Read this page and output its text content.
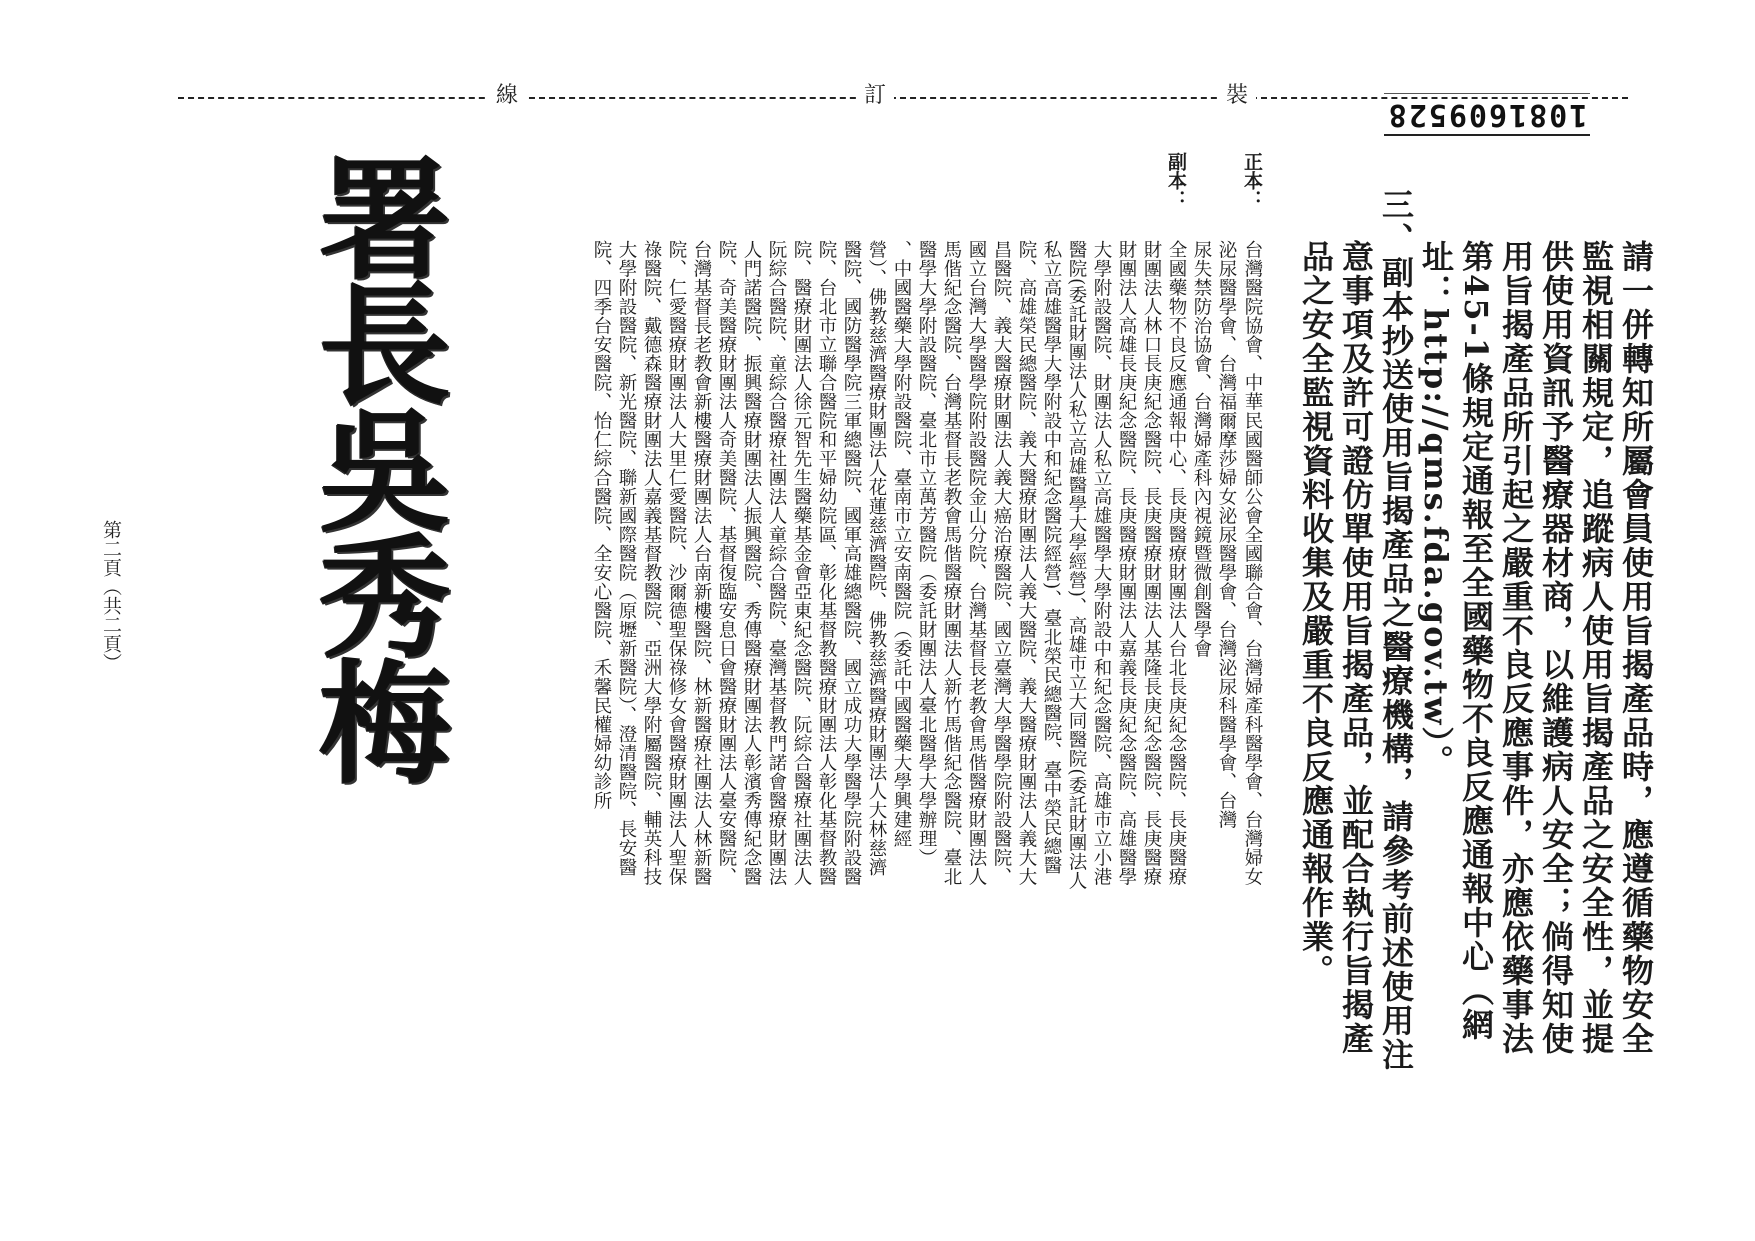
裝
訂
線
1081609528
請一併轉知所屬會員使用旨揭產品時，應遵循藥物安全
監視相關規定，追蹤病人使用旨揭產品之安全性，並提
供使用資訊予醫療器材商，以維護病人安全；倘得知使
用旨揭產品所引起之嚴重不良反應事件，亦應依藥事法
第45-1條規定通報至全國藥物不良反應通報中心（網
址：http://qms.fda.gov.tw）。
三、副本抄送使用旨揭產品之醫療機構，請參考前述使用注
意事項及許可證仿單使用旨揭產品，並配合執行旨揭產
品之安全監視資料收集及嚴重不良反應通報作業。
正本：
台灣醫院協會、中華民國醫師公會全國聯合會、台灣婦產科醫學會、台灣婦女
泌尿醫學會、台灣福爾摩莎婦女泌尿醫學會、台灣泌尿科醫學會、台灣
尿失禁防治協會、台灣婦產科內視鏡暨微創醫學會
副本：
全國藥物不良反應通報中心、長庚醫療財團法人台北長庚紀念醫院、長庚醫療
財團法人林口長庚紀念醫院、長庚醫療財團法人基隆長庚紀念醫院、長庚醫療
財團法人高雄長庚紀念醫院、長庚醫療財團法人嘉義長庚紀念醫院、高雄醫學
大學附設醫院、財團法人私立高雄醫學大學附設中和紀念醫院、高雄市立小港
醫院(委託財團法人私立高雄醫學大學經營)、高雄市立大同醫院(委託財團法人
私立高雄醫學大學附設中和紀念醫院經營)、臺北榮民總醫院、臺中榮民總醫
院、高雄榮民總醫院、義大醫療財團法人義大醫院、義大醫療財團法人義大大
昌醫院、義大醫療財團法人義大癌治療醫院、國立臺灣大學醫學院附設醫院、
國立台灣大學醫學院附設醫院金山分院、台灣基督長老教會馬偕醫療財團法人
馬偕紀念醫院、台灣基督長老教會馬偕醫療財團法人新竹馬偕紀念醫院、臺北
醫學大學附設醫院、臺北市立萬芳醫院（委託財團法人臺北醫學大學辦理）
、中國醫藥大學附設醫院、臺南市立安南醫院（委託中國醫藥大學興建經
營）、佛教慈濟醫療財團法人花蓮慈濟醫院、佛教慈濟醫療財團法人大林慈濟
醫院、國防醫學院三軍總醫院、國軍高雄總醫院、國立成功大學醫學院附設醫
院、台北市立聯合醫院和平婦幼院區、彰化基督教醫療財團法人彰化基督教醫
院、醫療財團法人徐元智先生醫藥基金會亞東紀念醫院、阮綜合醫療社團法人
阮綜合醫院、童綜合醫療社團法人童綜合醫院、臺灣基督教門諾會醫療財團法
人門諾醫院、振興醫療財團法人振興醫院、秀傳醫療財團法人彰濱秀傳紀念醫
院、奇美醫療財團法人奇美醫院、基督復臨安息日會醫療財團法人臺安醫院、
台灣基督長老教會新樓醫療財團法人台南新樓醫院、林新醫療社團法人林新醫
院、仁愛醫療財團法人大里仁愛醫院、沙爾德聖保祿修女會醫療財團法人聖保
祿醫院、戴德森醫療財團法人嘉義基督教醫院、亞洲大學附屬醫院、輔英科技
大學附設醫院、新光醫院、聯新國際醫院（原壢新醫院）、澄清醫院、長安醫
院、四季台安醫院、怡仁綜合醫院、全安心醫院、禾馨民權婦幼診所
署長吳秀梅
第二頁（共二頁）
